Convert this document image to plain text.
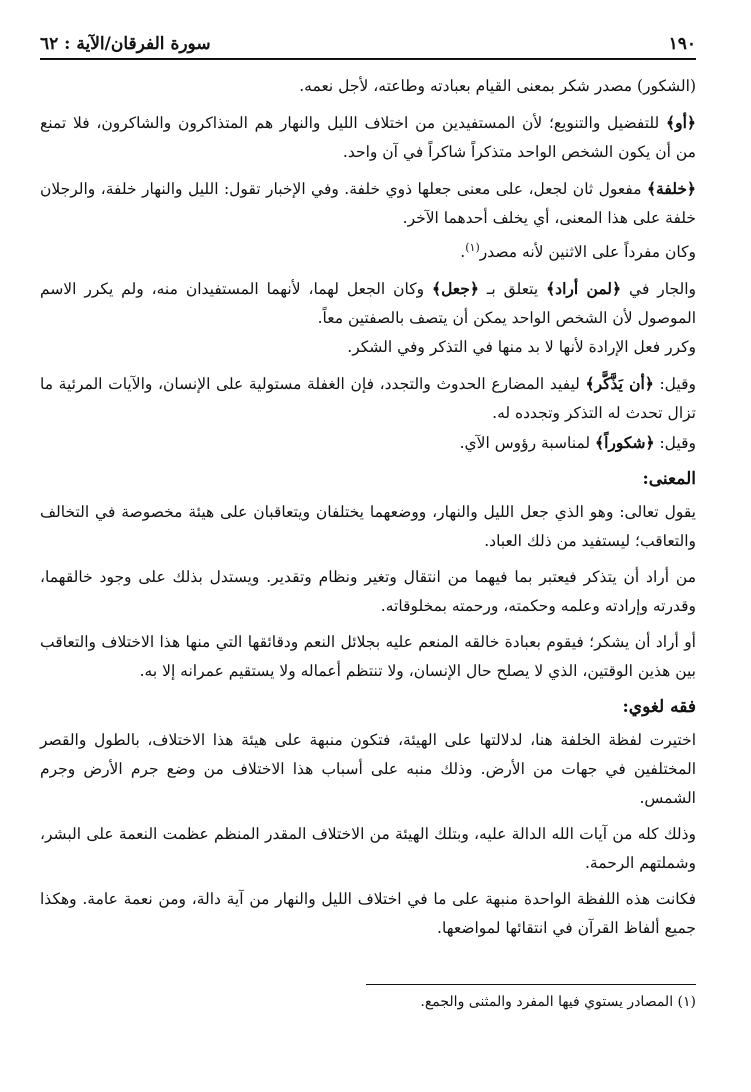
١٩٠
سورة الفرقان/الآية : ٦٢

(الشكور) مصدر شكر بمعنى القيام بعبادته وطاعته، لأجل نعمه.

﴿أو﴾ للتفضيل والتنويع؛ لأن المستفيدين من اختلاف الليل والنهار هم المتذاكرون والشاكرون، فلا تمنع من أن يكون الشخص الواحد متذكراً شاكراً في آن واحد.

﴿خلفة﴾ مفعول ثان لجعل، على معنى جعلها ذوي خلفة. وفي الإخبار تقول: الليل والنهار خلفة، والرجلان خلفة على هذا المعنى، أي يخلف أحدهما الآخر.

وكان مفرداً على الاثنين لأنه مصدر$^{(١)}$.

والجار في ﴿لمن أراد﴾ يتعلق بـ ﴿جعل﴾ وكان الجعل لهما، لأنهما المستفيدان منه، ولم يكرر الاسم الموصول لأن الشخص الواحد يمكن أن يتصف بالصفتين معاً.

وكرر فعل الإرادة لأنها لا بد منها في التذكر وفي الشكر.

وقيل: ﴿أن يَذَّكَّر﴾ ليفيد المضارع الحدوث والتجدد، فإن الغفلة مستولية على الإنسان، والآيات المرئية ما تزال تحدث له التذكر وتجدده له.

وقيل: ﴿شكوراً﴾ لمناسبة رؤوس الآي.

المعنى:

يقول تعالى: وهو الذي جعل الليل والنهار، ووضعهما يختلفان ويتعاقبان على هيئة مخصوصة في التخالف والتعاقب؛ ليستفيد من ذلك العباد.

من أراد أن يتذكر فيعتبر بما فيهما من انتقال وتغير ونظام وتقدير. ويستدل بذلك على وجود خالقهما، وقدرته وإرادته وعلمه وحكمته، ورحمته بمخلوقاته.

أو أراد أن يشكر؛ فيقوم بعبادة خالقه المنعم عليه بجلائل النعم ودقائقها التي منها هذا الاختلاف والتعاقب بين هذين الوقتين، الذي لا يصلح حال الإنسان، ولا تنتظم أعماله ولا يستقيم عمرانه إلا به.

فقه لغوي:

اختيرت لفظة الخلفة هنا، لدلالتها على الهيئة، فتكون منبهة على هيئة هذا الاختلاف، بالطول والقصر المختلفين في جهات من الأرض. وذلك منبه على أسباب هذا الاختلاف من وضع جرم الأرض وجرم الشمس.

وذلك كله من آيات الله الدالة عليه، وبتلك الهيئة من الاختلاف المقدر المنظم عظمت النعمة على البشر، وشملتهم الرحمة.

فكانت هذه اللفظة الواحدة منبهة على ما في اختلاف الليل والنهار من آية دالة، ومن نعمة عامة. وهكذا جميع ألفاظ القرآن في انتقائها لمواضعها.

(١) المصادر يستوي فيها المفرد والمثنى والجمع.
